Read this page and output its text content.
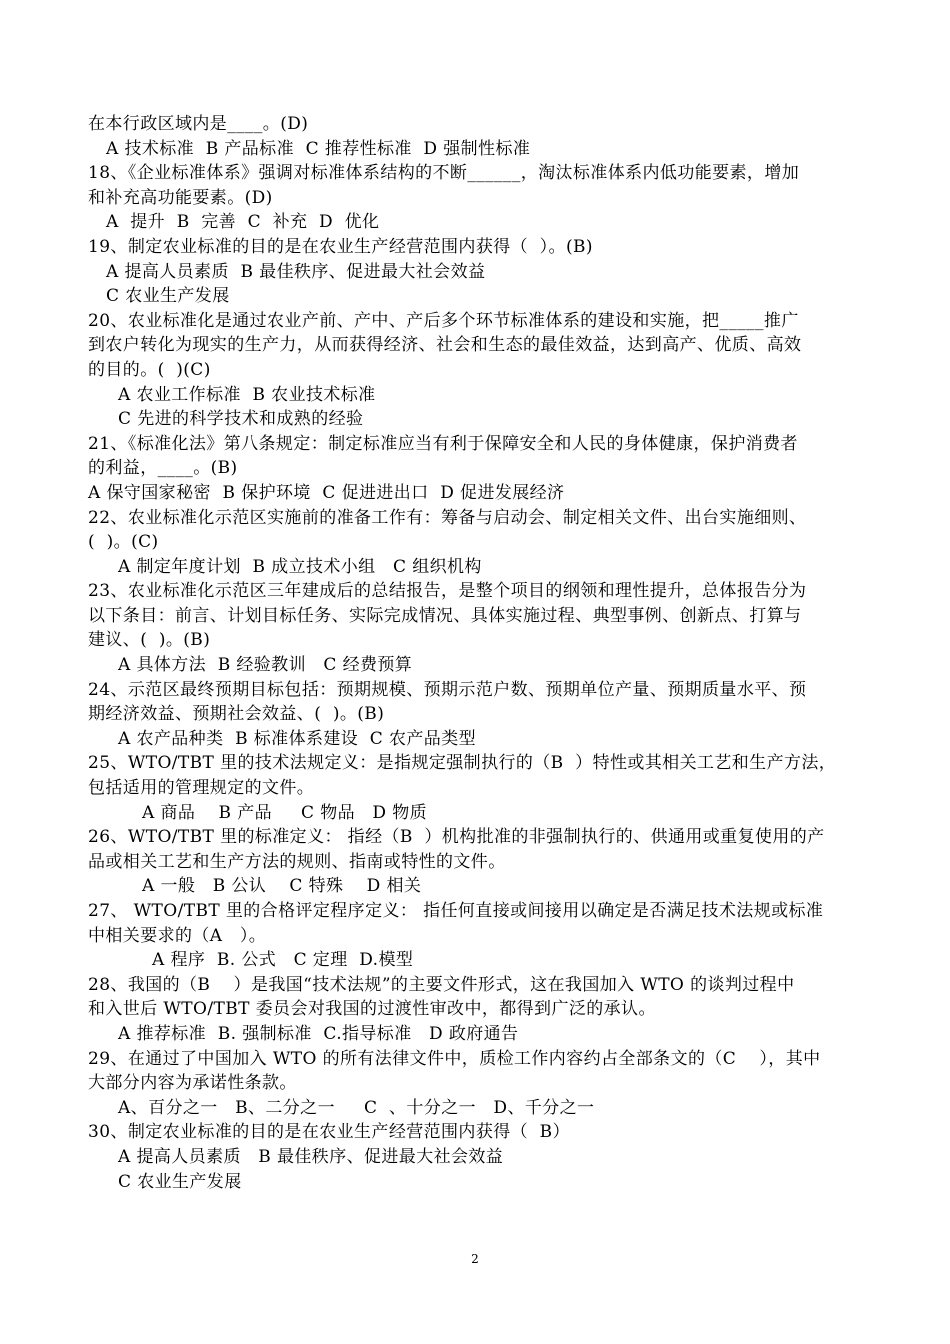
在本行政区域内是____。(D)
A 技术标准  B 产品标准  C 推荐性标准  D 强制性标准
18、《企业标准体系》强调对标准体系结构的不断______，淘汰标准体系内低功能要素，增加
和补充高功能要素。(D)
A  提升  B  完善  C  补充  D  优化
19、制定农业标准的目的是在农业生产经营范围内获得（  ）。(B)
A 提高人员素质  B 最佳秩序、促进最大社会效益
C 农业生产发展
20、农业标准化是通过农业产前、产中、产后多个环节标准体系的建设和实施，把_____推广
到农户转化为现实的生产力，从而获得经济、社会和生态的最佳效益，达到高产、优质、高效
的目的。(  )(C)
A 农业工作标准  B 农业技术标准
C 先进的科学技术和成熟的经验
21、《标准化法》第八条规定：制定标准应当有利于保障安全和人民的身体健康，保护消费者
的利益，____。(B)
A 保守国家秘密  B 保护环境  C 促进进出口  D 促进发展经济
22、农业标准化示范区实施前的准备工作有：筹备与启动会、制定相关文件、出台实施细则、
(  )。(C)
A 制定年度计划  B 成立技术小组   C 组织机构
23、农业标准化示范区三年建成后的总结报告，是整个项目的纲领和理性提升，总体报告分为
以下条目：前言、计划目标任务、实际完成情况、具体实施过程、典型事例、创新点、打算与
建议、(  )。(B)
A 具体方法  B 经验教训   C 经费预算
24、示范区最终预期目标包括：预期规模、预期示范户数、预期单位产量、预期质量水平、预
期经济效益、预期社会效益、(  )。(B)
A 农产品种类  B 标准体系建设  C 农产品类型
25、WTO/TBT 里的技术法规定义：是指规定强制执行的（B  ）特性或其相关工艺和生产方法，
包括适用的管理规定的文件。
A 商品    B 产品     C 物品   D 物质
26、WTO/TBT 里的标准定义： 指经（B  ）机构批准的非强制执行的、供通用或重复使用的产
品或相关工艺和生产方法的规则、指南或特性的文件。
A 一般   B 公认    C 特殊    D 相关
27、 WTO/TBT 里的合格评定程序定义： 指任何直接或间接用以确定是否满足技术法规或标准
中相关要求的（A   ）。
A 程序  B. 公式   C 定理  D.模型
28、我国的（B    ）是我国“技术法规”的主要文件形式，这在我国加入 WTO 的谈判过程中
和入世后 WTO/TBT 委员会对我国的过渡性审改中，都得到广泛的承认。
A 推荐标准  B. 强制标准  C.指导标准   D 政府通告
29、在通过了中国加入 WTO 的所有法律文件中，质检工作内容约占全部条文的（C    ），其中
大部分内容为承诺性条款。
A、百分之一   B、二分之一     C  、十分之一   D、千分之一
30、制定农业标准的目的是在农业生产经营范围内获得（  B）
A 提高人员素质   B 最佳秩序、促进最大社会效益
C 农业生产发展
2
